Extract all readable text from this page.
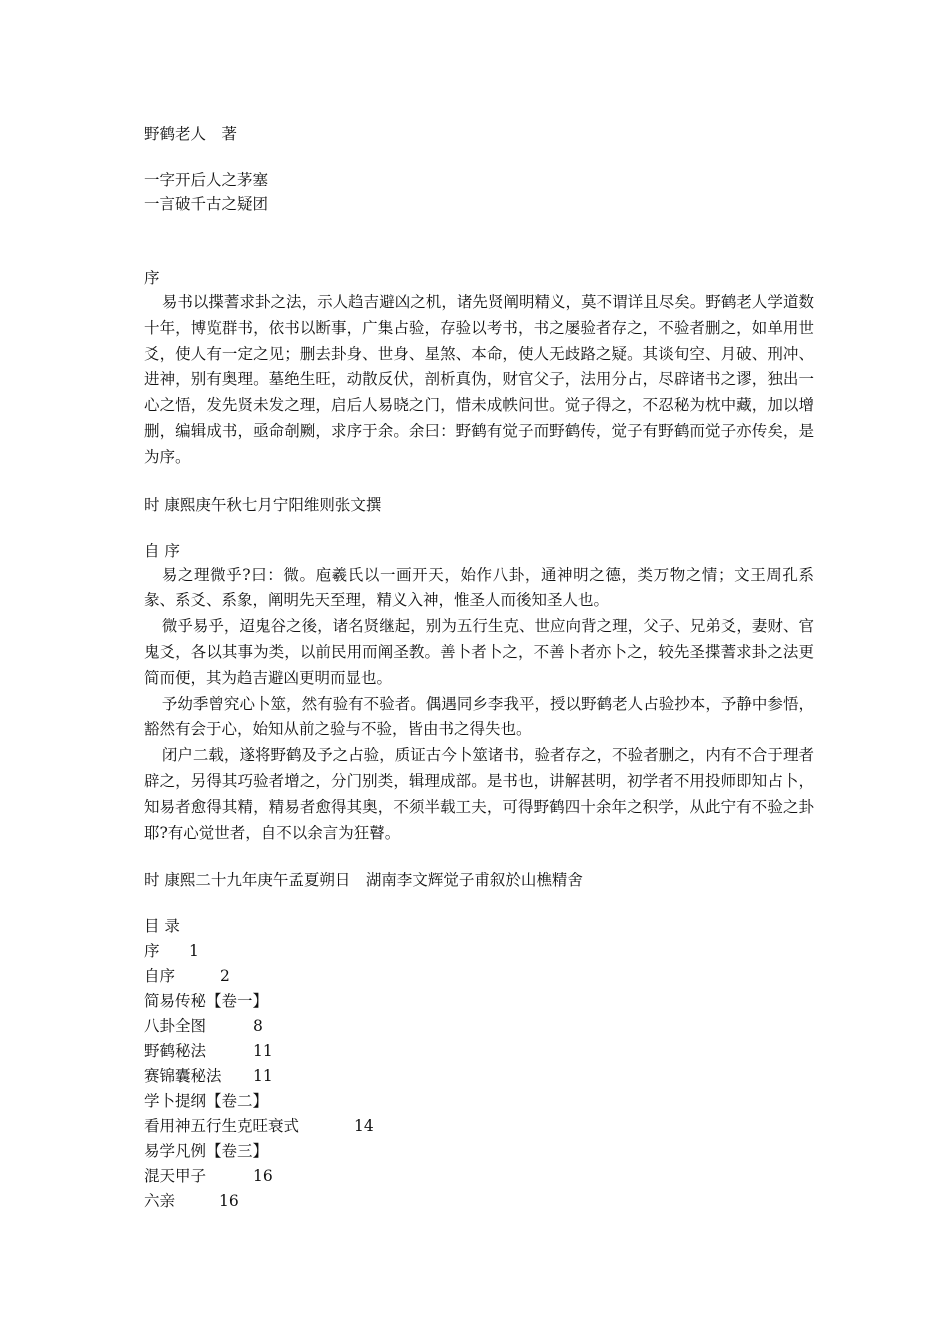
野鹤老人　著
一字开后人之茅塞
一言破千古之疑团
序
易书以揲蓍求卦之法，示人趋吉避凶之机，诸先贤阐明精义，莫不谓详且尽矣。野鹤老人学道数十年，博览群书，依书以断事，广集占验，存验以考书，书之屡验者存之，不验者删之，如单用世爻，使人有一定之见；删去卦身、世身、星煞、本命，使人无歧路之疑。其谈旬空、月破、刑冲、进神，别有奥理。墓绝生旺，动散反伏，剖析真伪，财官父子，法用分占，尽辟诸书之谬，独出一心之悟，发先贤未发之理，启后人易晓之门，惜未成帙问世。觉子得之，不忍秘为枕中藏，加以增删，编辑成书，亟命剞劂，求序于余。余曰：野鹤有觉子而野鹤传，觉子有野鹤而觉子亦传矣，是为序。
时 康熙庚午秋七月宁阳维则张文撰
自 序
易之理微乎?曰：微。庖羲氏以一画开天，始作八卦，通神明之德，类万物之情；文王周孔系彖、系爻、系象，阐明先天至理，精义入神，惟圣人而後知圣人也。
微乎易乎，迢鬼谷之後，诸名贤继起，别为五行生克、世应向背之理，父子、兄弟爻，妻财、官鬼爻，各以其事为类，以前民用而阐圣教。善卜者卜之，不善卜者亦卜之，较先圣揲蓍求卦之法更简而便，其为趋吉避凶更明而显也。
予幼季曾究心卜筮，然有验有不验者。偶遇同乡李我平，授以野鹤老人占验抄本，予静中参悟，豁然有会于心，始知从前之验与不验，皆由书之得失也。
闭户二载，遂将野鹤及予之占验，质证古今卜筮诸书，验者存之，不验者删之，内有不合于理者辟之，另得其巧验者增之，分门别类，辑理成部。是书也，讲解甚明，初学者不用投师即知占卜，知易者愈得其精，精易者愈得其奥，不须半载工夫，可得野鹤四十余年之积学，从此宁有不验之卦耶?有心觉世者，自不以余言为狂瞽。
时 康熙二十九年庚午孟夏朔日　湖南李文辉觉子甫叙於山樵精舍
目 录
序 1
自序	2
简易传秘【卷一】
八卦全图	8
野鹤秘法	11
赛锦囊秘法 11
学卜提纲【卷二】
看用神五行生克旺衰式	14
易学凡例【卷三】
混天甲子	16
六亲	16
